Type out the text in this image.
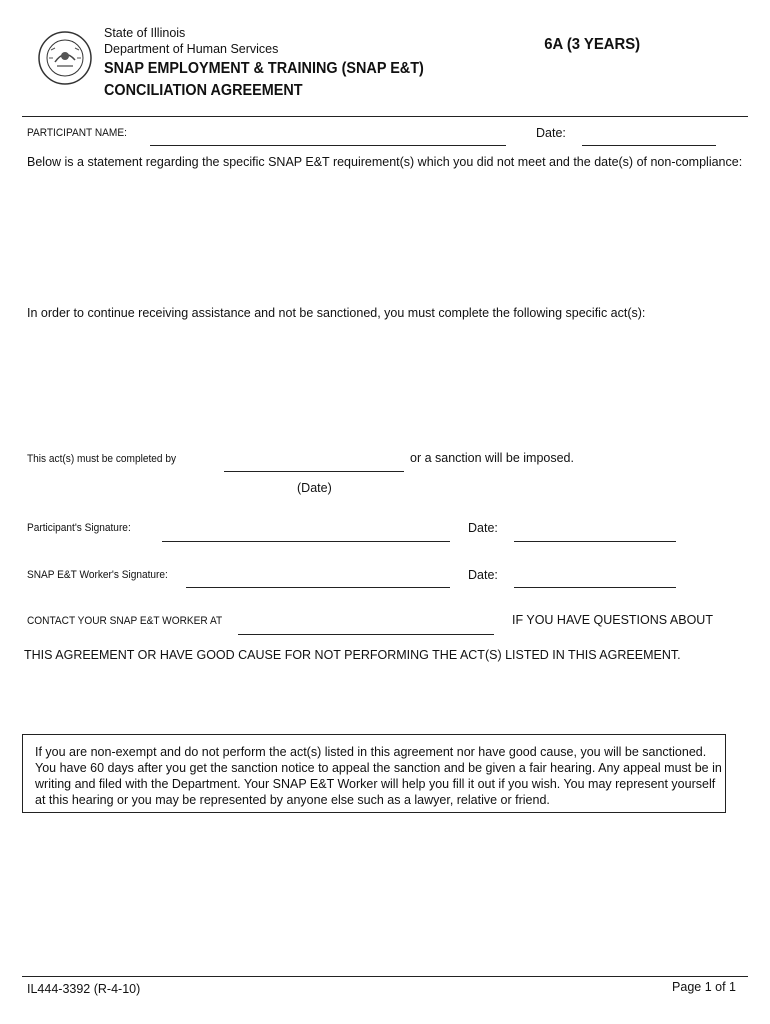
State of Illinois
Department of Human Services
SNAP EMPLOYMENT & TRAINING (SNAP E&T)
CONCILIATION AGREEMENT
6A (3 YEARS)
PARTICIPANT NAME:	Date:
Below is a statement regarding the specific SNAP E&T requirement(s) which you did not meet and the date(s) of non-compliance:
In order to continue receiving assistance and not be sanctioned, you must complete the following specific act(s):
This act(s) must be completed by	or a sanction will be imposed.
(Date)
Participant's Signature:	Date:
SNAP E&T Worker's Signature:	Date:
CONTACT YOUR SNAP E&T WORKER AT	IF YOU HAVE QUESTIONS ABOUT
THIS AGREEMENT OR HAVE GOOD CAUSE FOR NOT PERFORMING THE ACT(S) LISTED IN THIS AGREEMENT.
If you are non-exempt and do not perform the act(s) listed in this agreement nor have good cause, you will be sanctioned.
You have 60 days after you get the sanction notice to appeal the sanction and be given a fair hearing. Any appeal must be in
writing and filed with the Department. Your SNAP E&T Worker will help you fill it out if you wish. You may represent yourself
at this hearing or you may be represented by anyone else such as a lawyer, relative or friend.
IL444-3392 (R-4-10)	Page 1 of 1
